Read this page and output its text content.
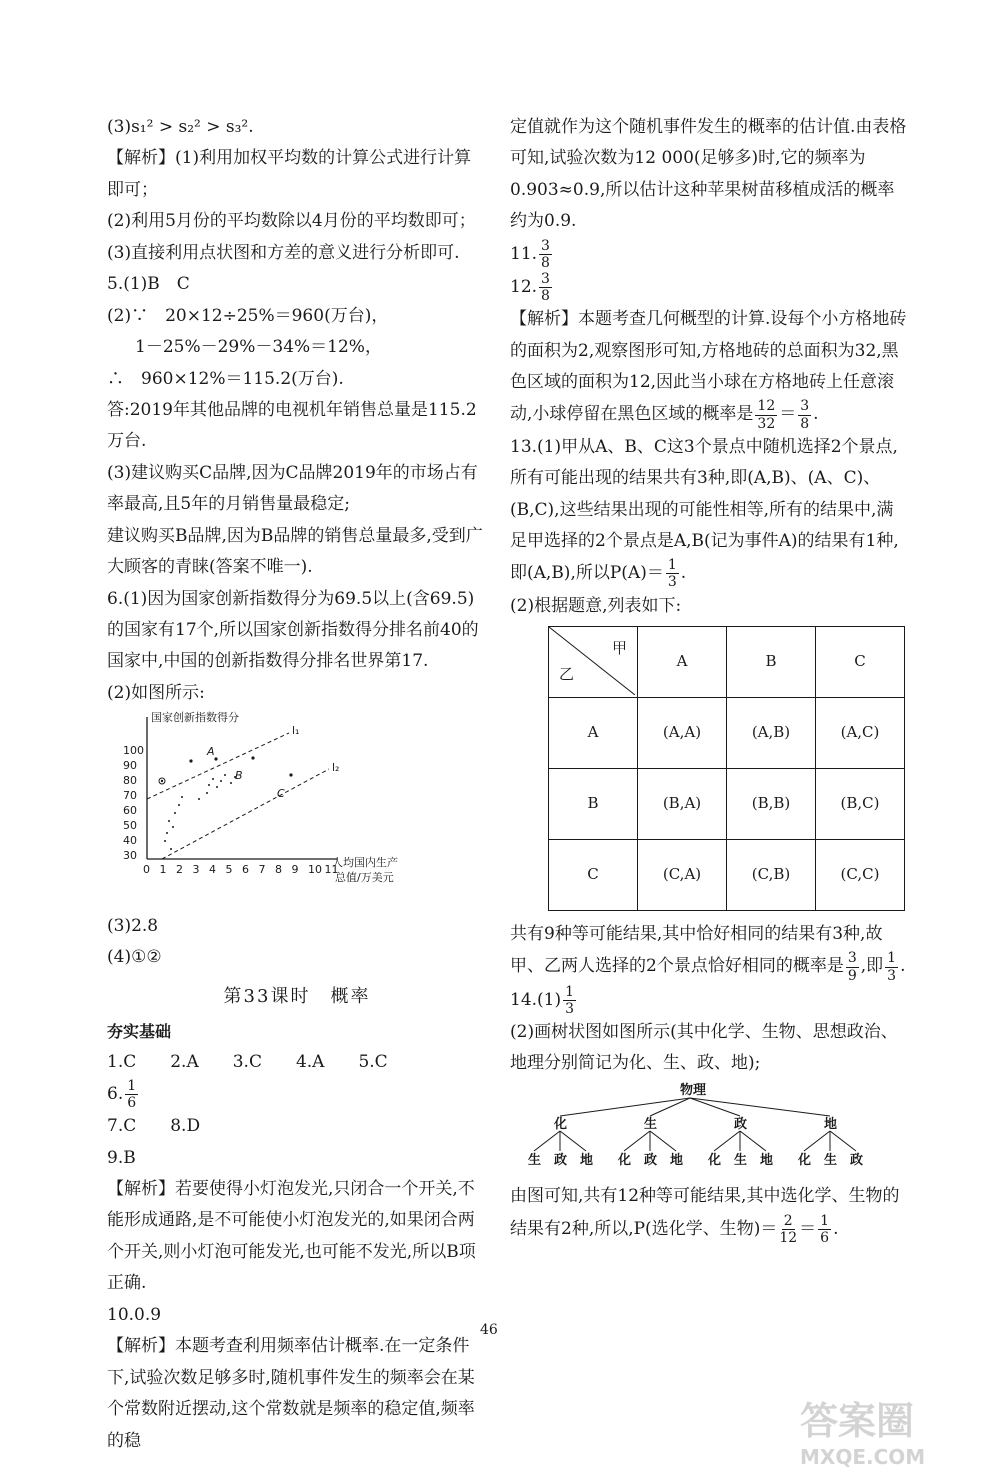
(3)s₁² > s₂² > s₃².

【解析】(1)利用加权平均数的计算公式进行计算即可；

(2)利用5月份的平均数除以4月份的平均数即可；

(3)直接利用点状图和方差的意义进行分析即可.

5.(1)B　C

(2)∵　20×12÷25%＝960(万台)，

1－25%－29%－34%＝12%，

∴　960×12%＝115.2(万台).

答:2019年其他品牌的电视机年销售总量是115.2万台.

(3)建议购买C品牌,因为C品牌2019年的市场占有率最高,且5年的月销售量最稳定;

建议购买B品牌,因为B品牌的销售总量最多,受到广大顾客的青睐(答案不唯一).

6.(1)因为国家创新指数得分为69.5以上(含69.5)的国家有17个,所以国家创新指数得分排名前40的国家中,中国的创新指数得分排名世界第17.

(2)如图所示:

国家创新指数得分
30
40
50
60
70
80
90
100
0 1 2 3 4 5 6 7 8 9 10 11
人均国内生产
总值/万美元
l₁
l₂
A
B
C

(3)2.8

(4)①②

第33课时　概率

夯实基础

1.C　　2.A　　3.C　　4.A　　5.C

6. $\frac{1}{6}$

7.C　　8.D

9.B

【解析】若要使得小灯泡发光,只闭合一个开关,不能形成通路,是不可能使小灯泡发光的,如果闭合两个开关,则小灯泡可能发光,也可能不发光,所以B项正确.

10.0.9

【解析】本题考查利用频率估计概率.在一定条件下,试验次数足够多时,随机事件发生的频率会在某个常数附近摆动,这个常数就是频率的稳定值,频率的稳

定值就作为这个随机事件发生的概率的估计值.由表格可知,试验次数为12 000(足够多)时,它的频率为0.903≈0.9,所以估计这种苹果树苗移植成活的概率约为0.9.

11. $\frac{3}{8}$

12. $\frac{3}{8}$

【解析】本题考查几何概型的计算.设每个小方格地砖的面积为2,观察图形可知,方格地砖的总面积为32,黑色区域的面积为12,因此当小球在方格地砖上任意滚动,小球停留在黑色区域的概率是 $\frac{12}{32} = \frac{3}{8}$ .

13.(1)甲从A、B、C这3个景点中随机选择2个景点,所有可能出现的结果共有3种,即(A,B)、(A、C)、(B,C),这些结果出现的可能性相等,所有的结果中,满足甲选择的2个景点是A,B(记为事件A)的结果有1种,即(A,B),所以$P(A)= \frac{1}{3}$ .

(2)根据题意,列表如下:

甲
乙	A	B	C
A	(A,A)	(A,B)	(A,C)
B	(B,A)	(B,B)	(B,C)
C	(C,A)	(C,B)	(C,C)

共有9种等可能结果,其中恰好相同的结果有3种,故甲、乙两人选择的2个景点恰好相同的概率是 $\frac{3}{9}$ ,即 $\frac{1}{3}$ .

$14.(1) \frac{1}{3}$

(2)画树状图如图所示(其中化学、生物、思想政治、地理分别简记为化、生、政、地);

物理
化
生 政 地
生
化 政 地
政
化 生 地
地
化 生 政

由图可知,共有12种等可能结果,其中选化学、生物的结果有2种,所以,P(选化学、生物)＝ $\frac{2}{12} = \frac{1}{6}$ .

46
答案圈
MXQE.COM
